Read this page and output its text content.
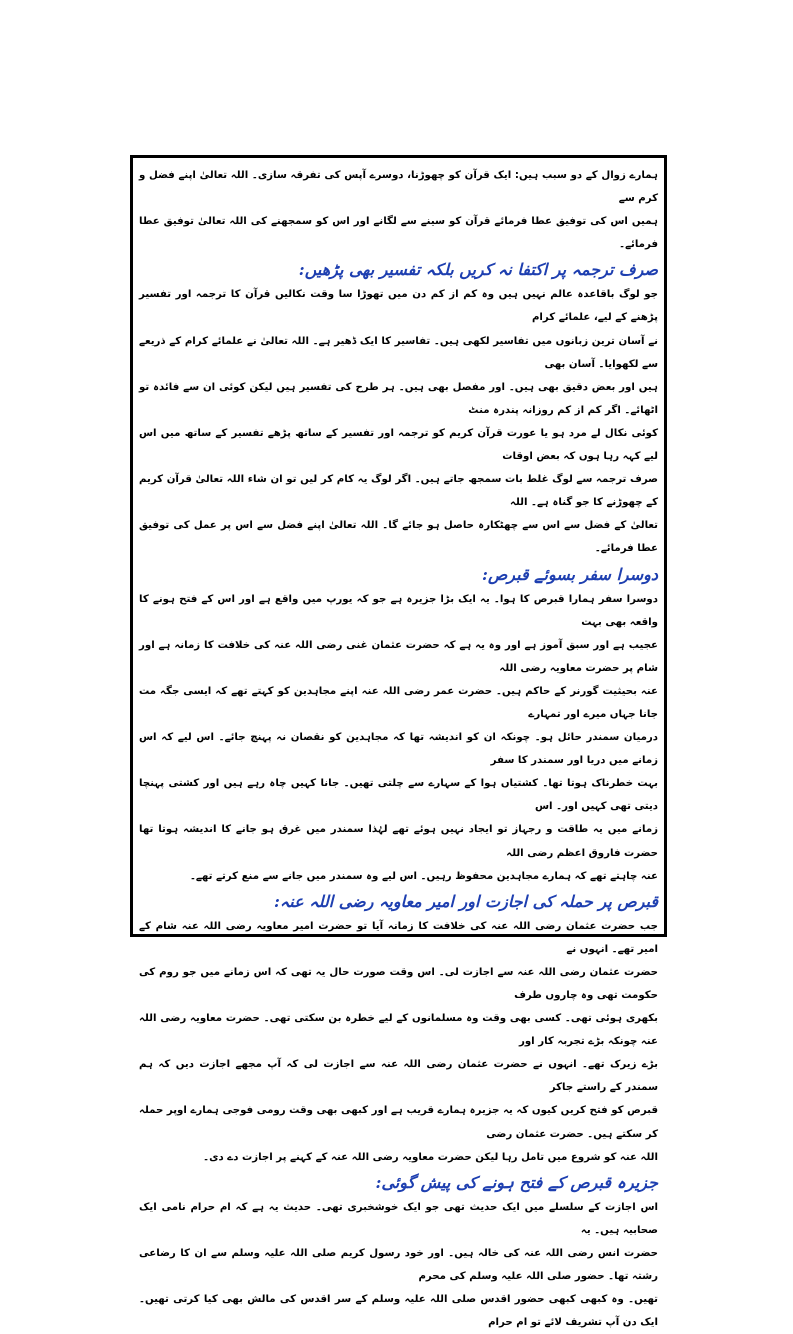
ہمارے زوال کے دو سبب ہیں: ایک قرآن کو چھوڑنا، دوسرے آپس کی تفرقہ سازی۔ اللہ تعالیٰ اپنے فضل و کرم سے

ہمیں اس کی توفیق عطا فرمائے قرآن کو سینے سے لگانے اور اس کو سمجھنے کی اللہ تعالیٰ توفیق عطا فرمائے۔

صرف ترجمہ پر اکتفا نہ کریں بلکہ تفسیر بھی پڑھیں:

جو لوگ باقاعدہ عالم نہیں ہیں وہ کم از کم دن میں تھوڑا سا وقت نکالیں قرآن کا ترجمہ اور تفسیر پڑھنے کے لیے، علمائے کرام

نے آسان ترین زبانوں میں تفاسیر لکھی ہیں۔ تفاسیر کا ایک ڈھیر ہے۔ اللہ تعالیٰ نے علمائے کرام کے ذریعے سے لکھوایا۔ آسان بھی

ہیں اور بعض دقیق بھی ہیں۔ اور مفصل بھی ہیں۔ ہر طرح کی تفسیر ہیں لیکن کوئی ان سے فائدہ تو اٹھائے۔ اگر کم از کم روزانہ پندرہ منٹ

کوئی نکال لے مرد ہو یا عورت قرآن کریم کو ترجمہ اور تفسیر کے ساتھ پڑھے تفسیر کے ساتھ میں اس لیے کہہ رہا ہوں کہ بعض اوقات

صرف ترجمہ سے لوگ غلط بات سمجھ جاتے ہیں۔ اگر لوگ یہ کام کر لیں تو ان شاء اللہ تعالیٰ قرآن کریم کے چھوڑنے کا جو گناہ ہے۔ اللہ

تعالیٰ کے فضل سے اس سے چھٹکارہ حاصل ہو جائے گا۔ اللہ تعالیٰ اپنے فضل سے اس پر عمل کی توفیق عطا فرمائے۔

دوسرا سفر بسوئے قبرص:

دوسرا سفر ہمارا قبرص کا ہوا۔ یہ ایک بڑا جزیرہ ہے جو کہ یورپ میں واقع ہے اور اس کے فتح ہونے کا واقعہ بھی بہت

عجیب ہے اور سبق آموز ہے اور وہ یہ ہے کہ حضرت عثمان غنی رضی اللہ عنہ کی خلافت کا زمانہ ہے اور شام پر حضرت معاویہ رضی اللہ

عنہ بحیثیت گورنر کے حاکم ہیں۔ حضرت عمر رضی اللہ عنہ اپنے مجاہدین کو کہتے تھے کہ ایسی جگہ مت جانا جہاں میرے اور تمہارے

درمیان سمندر حائل ہو۔ چونکہ ان کو اندیشہ تھا کہ مجاہدین کو نقصان نہ پہنچ جائے۔ اس لیے کہ اس زمانے میں دریا اور سمندر کا سفر

بہت خطرناک ہوتا تھا۔ کشتیاں ہوا کے سہارے سے چلتی تھیں۔ جانا کہیں چاہ رہے ہیں اور کشتی پہنچا دیتی تھی کہیں اور۔ اس

زمانے میں یہ طاقت و رجہاز تو ایجاد نہیں ہوئے تھے لہٰذا سمندر میں غرق ہو جانے کا اندیشہ ہوتا تھا حضرت فاروق اعظم رضی اللہ

عنہ چاہتے تھے کہ ہمارے مجاہدین محفوظ رہیں۔ اس لیے وہ سمندر میں جانے سے منع کرتے تھے۔

قبرص پر حملہ کی اجازت اور امیر معاویہ رضی اللہ عنہ:

جب حضرت عثمان رضی اللہ عنہ کی خلافت کا زمانہ آیا تو حضرت امیر معاویہ رضی اللہ عنہ شام کے امیر تھے۔ انہوں نے

حضرت عثمان رضی اللہ عنہ سے اجازت لی۔ اس وقت صورت حال یہ تھی کہ اس زمانے میں جو روم کی حکومت تھی وہ چاروں طرف

بکھری ہوئی تھی۔ کسی بھی وقت وہ مسلمانوں کے لیے خطرہ بن سکتی تھی۔ حضرت معاویہ رضی اللہ عنہ چونکہ بڑے تجربہ کار اور

بڑے زیرک تھے۔ انہوں نے حضرت عثمان رضی اللہ عنہ سے اجازت لی کہ آپ مجھے اجازت دیں کہ ہم سمندر کے راستے جاکر

قبرص کو فتح کریں کیوں کہ یہ جزیرہ ہمارے قریب ہے اور کبھی بھی وقت رومی فوجی ہمارے اوپر حملہ کر سکتے ہیں۔ حضرت عثمان رضی

اللہ عنہ کو شروع میں تامل رہا لیکن حضرت معاویہ رضی اللہ عنہ کے کہنے پر اجازت دے دی۔

جزیرہ قبرص کے فتح ہونے کی پیش گوئی:

اس اجازت کے سلسلے میں ایک حدیث تھی جو ایک خوشخبری تھی۔ حدیث یہ ہے کہ ام حرام نامی ایک صحابیہ ہیں۔ یہ

حضرت انس رضی اللہ عنہ کی خالہ ہیں۔ اور خود رسول کریم صلی اللہ علیہ وسلم سے ان کا رضاعی رشتہ تھا۔ حضور صلی اللہ علیہ وسلم کی محرم

تھیں۔ وہ کبھی کبھی حضور اقدس صلی اللہ علیہ وسلم کے سر اقدس کی مالش بھی کیا کرتی تھیں۔ ایک دن آپ تشریف لائے تو ام حرام
